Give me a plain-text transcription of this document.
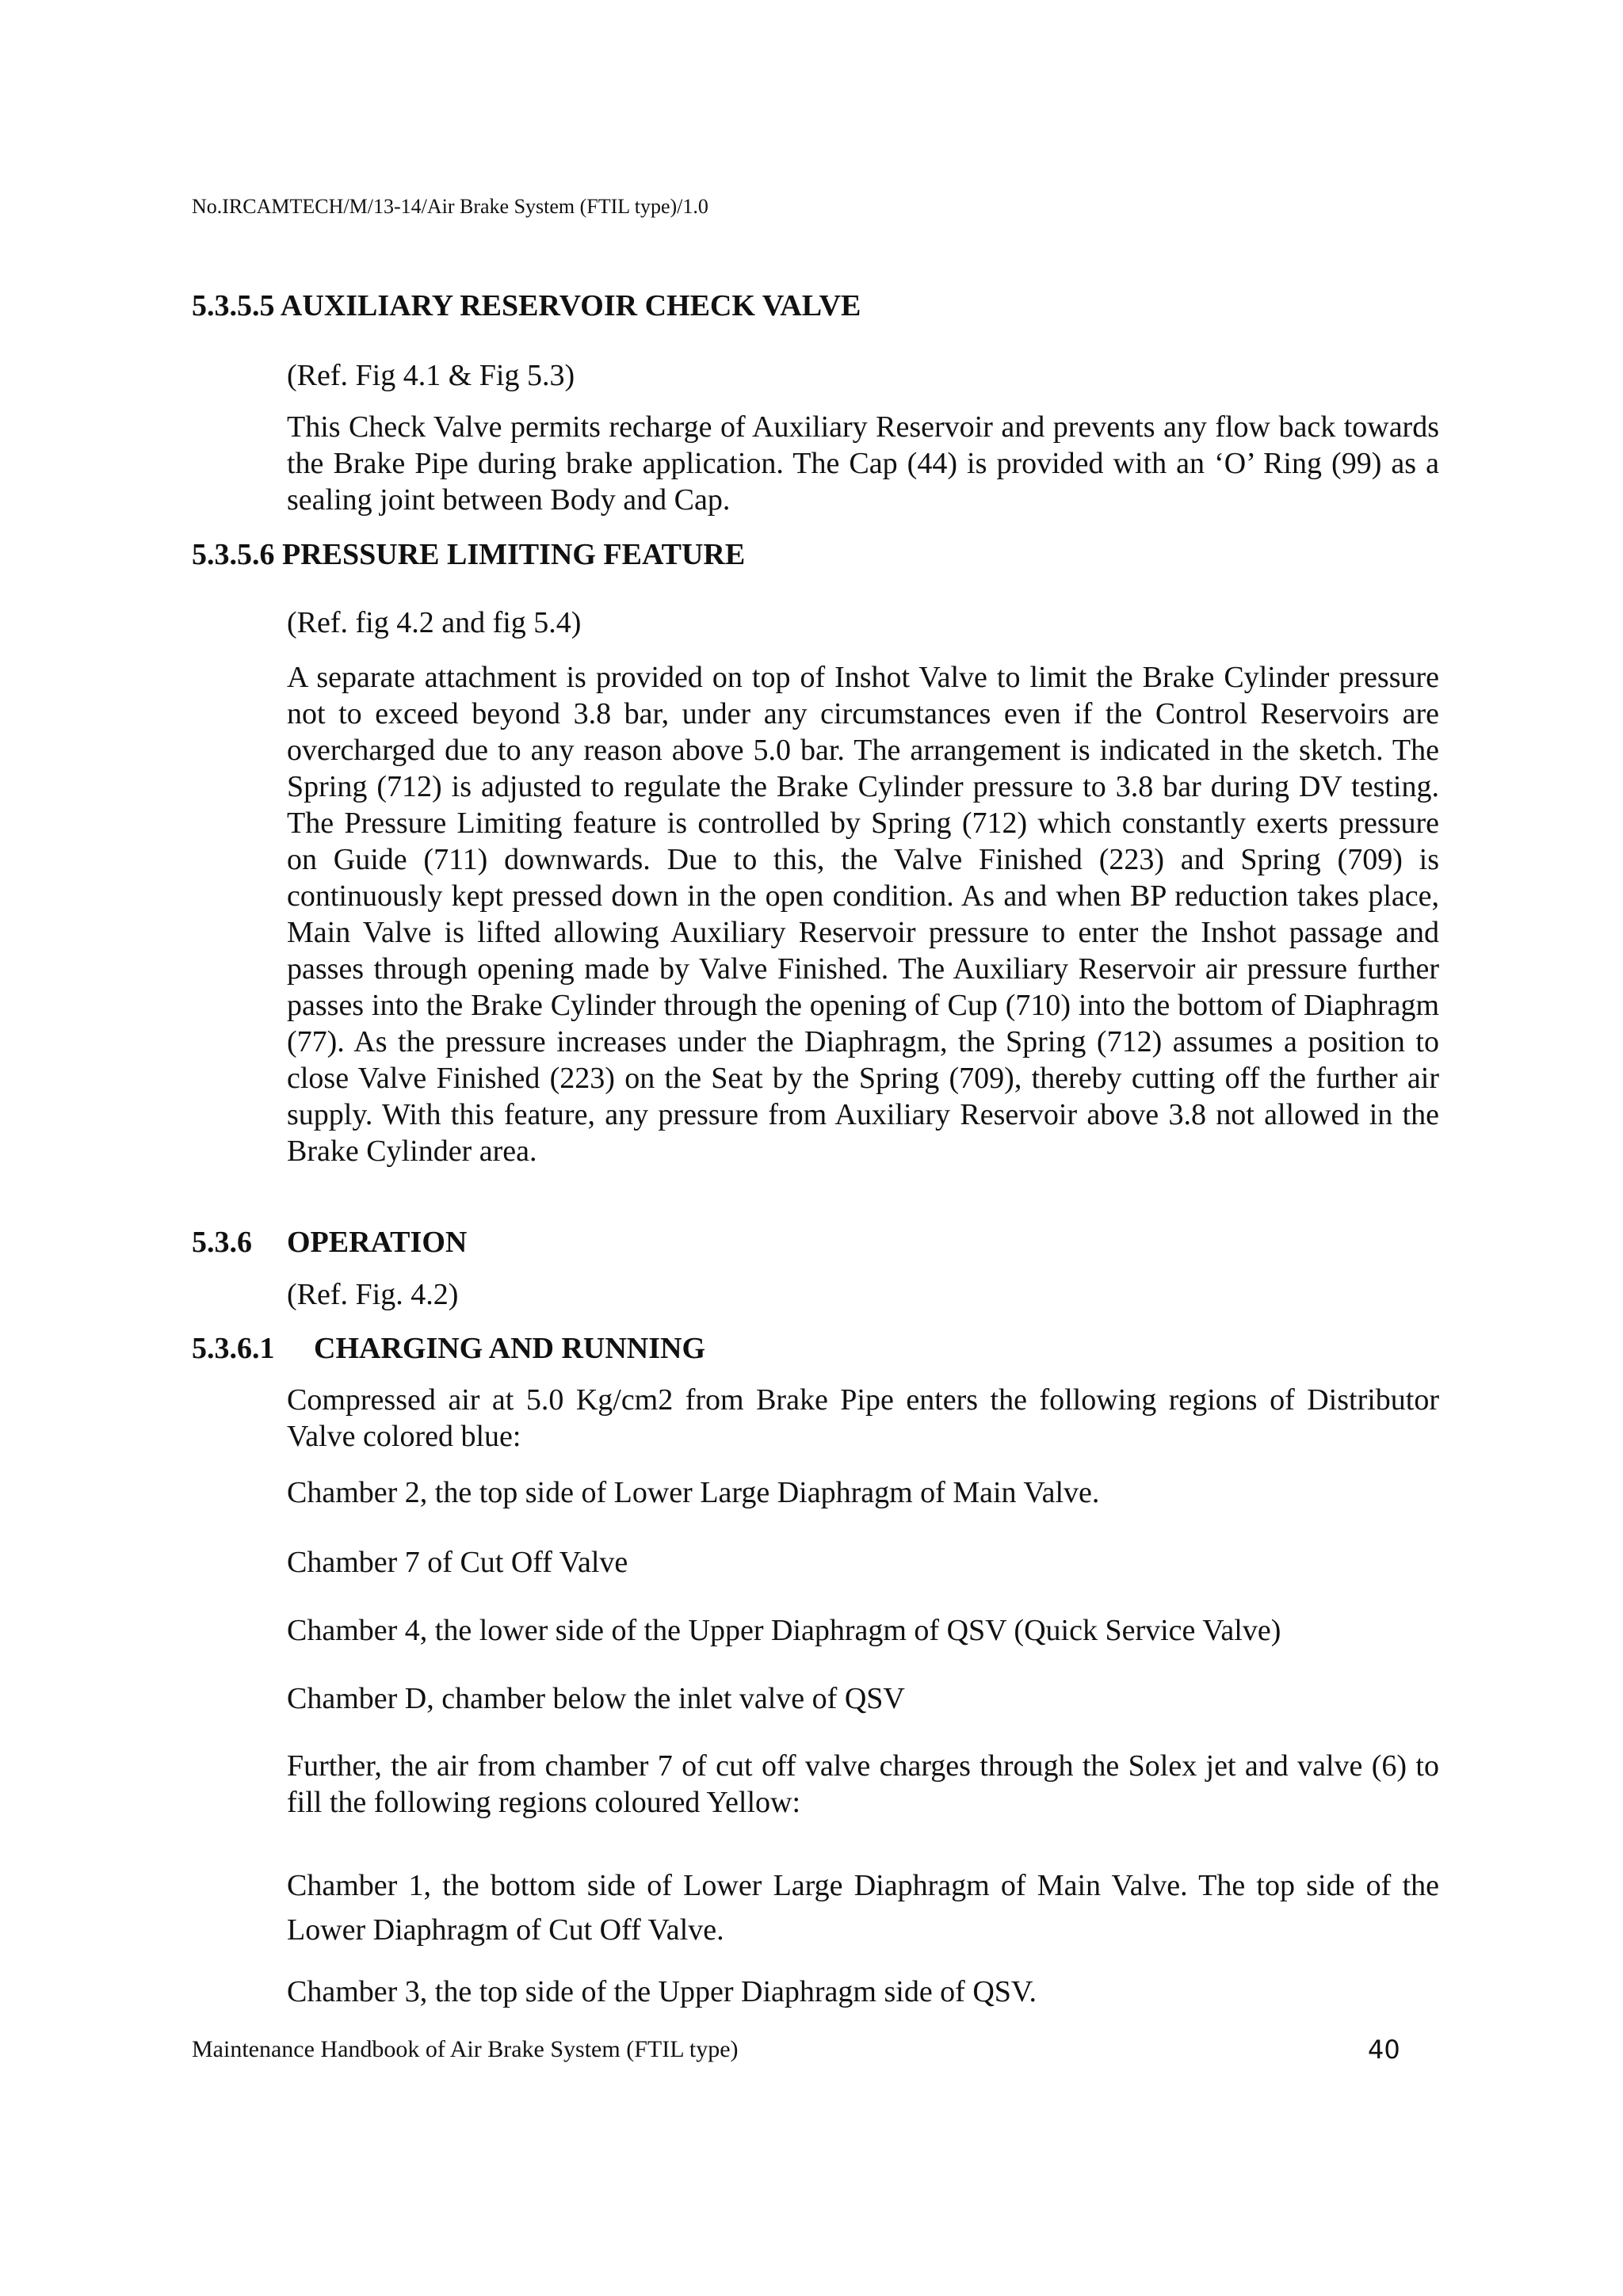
No.IRCAMTECH/M/13-14/Air Brake System (FTIL type)/1.0
5.3.5.5 AUXILIARY RESERVOIR CHECK VALVE
(Ref. Fig 4.1 & Fig 5.3)
This Check Valve permits recharge of Auxiliary Reservoir and prevents any flow back towards the Brake Pipe during brake application. The Cap (44) is provided with an ‘O’ Ring (99) as a sealing joint between Body and Cap.
5.3.5.6 PRESSURE LIMITING FEATURE
(Ref. fig 4.2 and fig 5.4)
A separate attachment is provided on top of Inshot Valve to limit the Brake Cylinder pressure not to exceed beyond 3.8 bar, under any circumstances even if the Control Reservoirs are overcharged due to any reason above 5.0 bar. The arrangement is indicated in the sketch. The Spring (712) is adjusted to regulate the Brake Cylinder pressure to 3.8 bar during DV testing. The Pressure Limiting feature is controlled by Spring (712) which constantly exerts pressure on Guide (711) downwards. Due to this, the Valve Finished (223) and Spring (709) is continuously kept pressed down in the open condition. As and when BP reduction takes place, Main Valve is lifted allowing Auxiliary Reservoir pressure to enter the Inshot passage and passes through opening made by Valve Finished. The Auxiliary Reservoir air pressure further passes into the Brake Cylinder through the opening of Cup (710) into the bottom of Diaphragm (77). As the pressure increases under the Diaphragm, the Spring (712) assumes a position to close Valve Finished (223) on the Seat by the Spring (709), thereby cutting off the further air supply. With this feature, any pressure from Auxiliary Reservoir above 3.8 not allowed in the Brake Cylinder area.
5.3.6 OPERATION
(Ref. Fig. 4.2)
5.3.6.1 CHARGING AND RUNNING
Compressed air at 5.0 Kg/cm2 from Brake Pipe enters the following regions of Distributor Valve colored blue:
Chamber 2, the top side of Lower Large Diaphragm of Main Valve.
Chamber 7 of Cut Off Valve
Chamber 4, the lower side of the Upper Diaphragm of QSV (Quick Service Valve)
Chamber D, chamber below the inlet valve of QSV
Further, the air from chamber 7 of cut off valve charges through the Solex jet and valve (6) to fill the following regions coloured Yellow:
Chamber 1, the bottom side of Lower Large Diaphragm of Main Valve. The top side of the Lower Diaphragm of Cut Off Valve.
Chamber 3, the top side of the Upper Diaphragm side of QSV.
Maintenance Handbook of Air Brake System (FTIL type)	40
